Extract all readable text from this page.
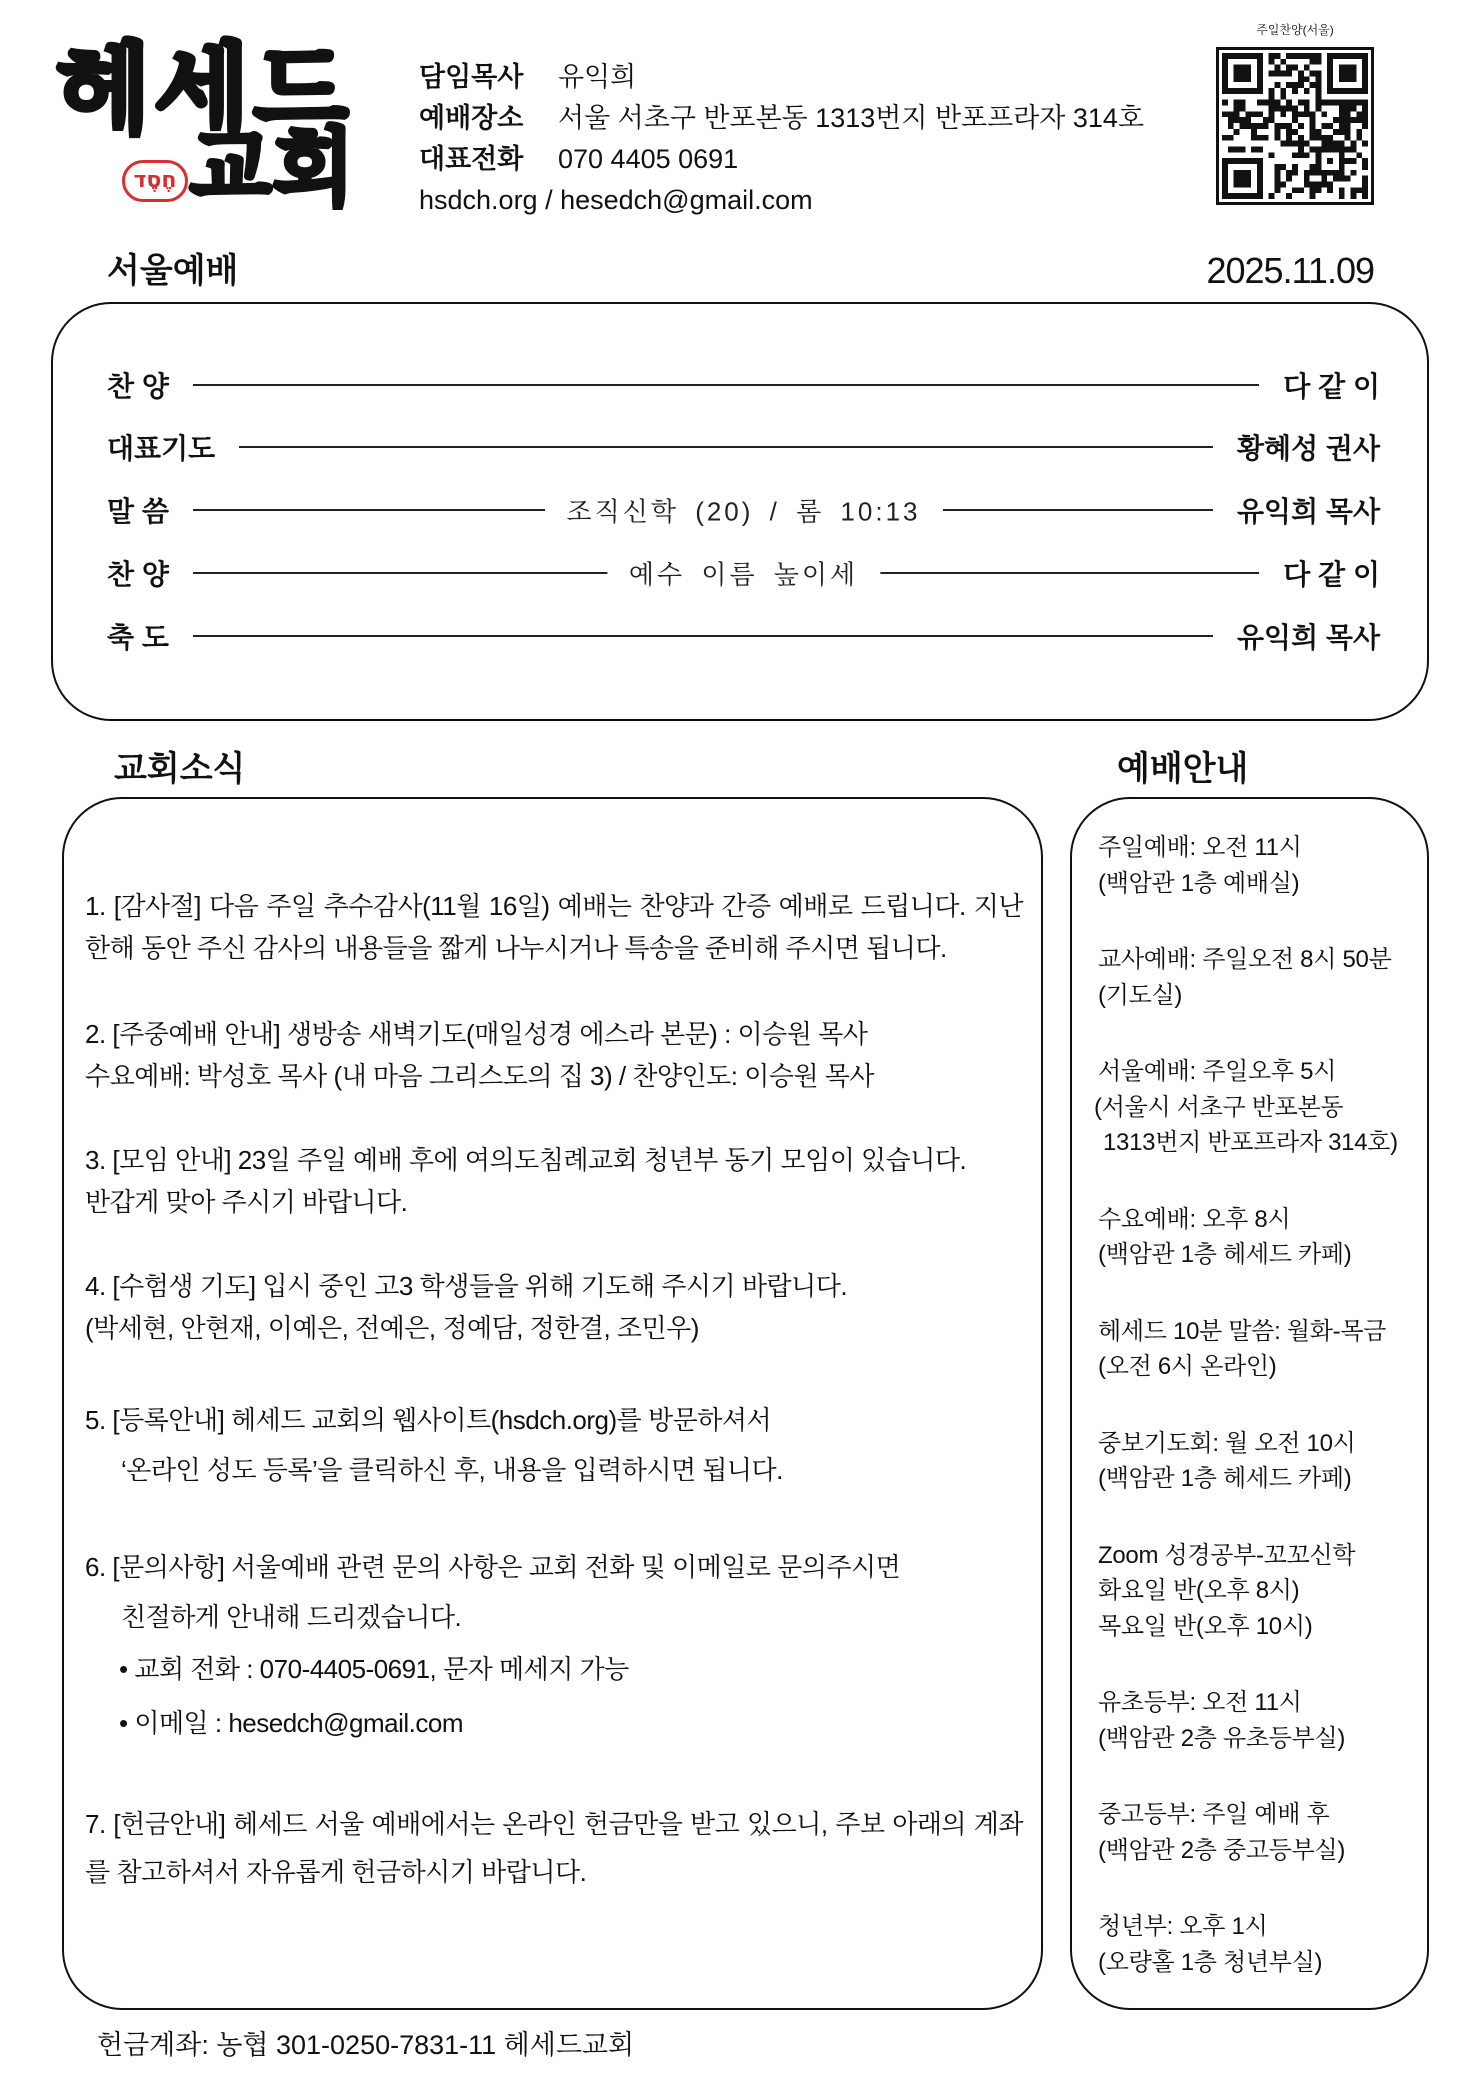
헤세드
חֶסֶד 교회
담임목사	유익희
예배장소	서울 서초구 반포본동 1313번지 반포프라자 314호
대표전화	070 4405 0691
hsdch.org / hesedch@gmail.com
주일찬양(서울)
서울예배	2025.11.09
찬 양	다 같 이
대표기도	황혜성 권사
말 씀	조직신학 (20) / 롬 10:13	유익희 목사
찬 양	예수 이름 높이세	다 같 이
축 도	유익희 목사
교회소식	예배안내
1. [감사절] 다음 주일 추수감사(11월 16일) 예배는 찬양과 간증 예배로 드립니다. 지난 한해 동안 주신 감사의 내용들을 짧게 나누시거나 특송을 준비해 주시면 됩니다.
2. [주중예배 안내] 생방송 새벽기도(매일성경 에스라 본문) : 이승원 목사
수요예배: 박성호 목사 (내 마음 그리스도의 집 3) / 찬양인도: 이승원 목사
3. [모임 안내] 23일 주일 예배 후에 여의도침례교회 청년부 동기 모임이 있습니다.
반갑게 맞아 주시기 바랍니다.
4. [수험생 기도] 입시 중인 고3 학생들을 위해 기도해 주시기 바랍니다.
(박세현, 안현재, 이예은, 전예은, 정예담, 정한결, 조민우)
5. [등록안내] 헤세드 교회의 웹사이트(hsdch.org)를 방문하셔서
‘온라인 성도 등록’을 클릭하신 후, 내용을 입력하시면 됩니다.
6. [문의사항] 서울예배 관련 문의 사항은 교회 전화 및 이메일로 문의주시면
친절하게 안내해 드리겠습니다.
• 교회 전화 : 070-4405-0691, 문자 메세지 가능
• 이메일 : hesedch@gmail.com
7. [헌금안내] 헤세드 서울 예배에서는 온라인 헌금만을 받고 있으니, 주보 아래의 계좌를 참고하셔서 자유롭게 헌금하시기 바랍니다.
주일예배: 오전 11시
(백암관 1층 예배실)
교사예배: 주일오전 8시 50분
(기도실)
서울예배: 주일오후 5시
(서울시 서초구 반포본동
1313번지 반포프라자 314호)
수요예배: 오후 8시
(백암관 1층 헤세드 카페)
헤세드 10분 말씀: 월화-목금
(오전 6시 온라인)
중보기도회: 월 오전 10시
(백암관 1층 헤세드 카페)
Zoom 성경공부-꼬꼬신학
화요일 반(오후 8시)
목요일 반(오후 10시)
유초등부: 오전 11시
(백암관 2층 유초등부실)
중고등부: 주일 예배 후
(백암관 2층 중고등부실)
청년부: 오후 1시
(오량홀 1층 청년부실)
헌금계좌: 농협 301-0250-7831-11 헤세드교회
